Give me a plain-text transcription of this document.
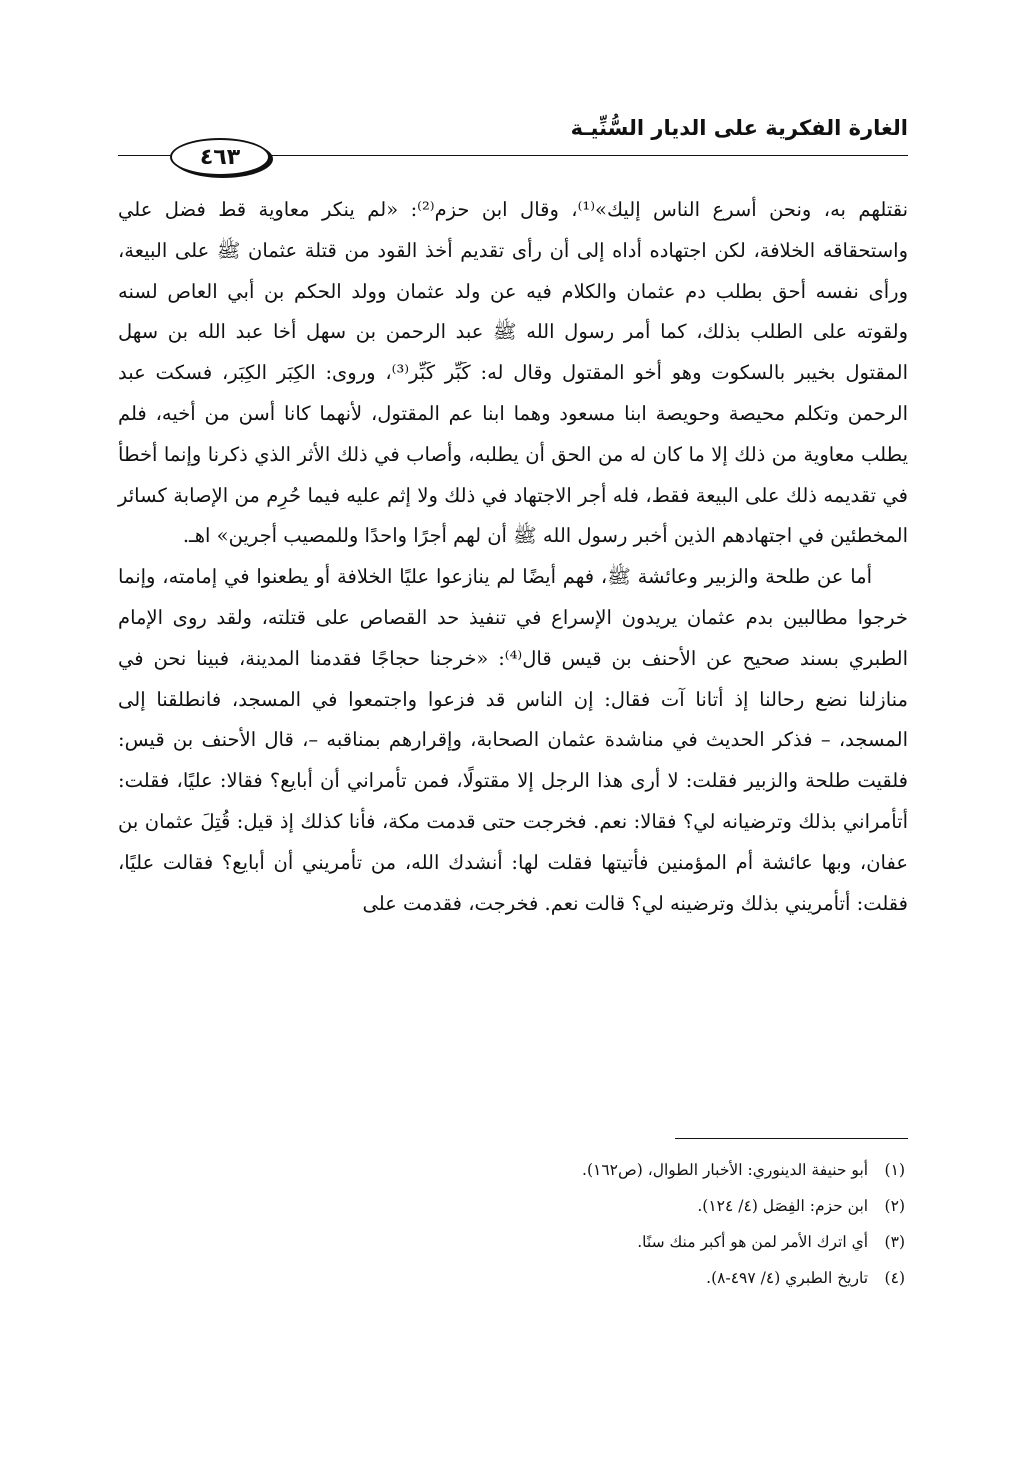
الغارة الفكرية على الديار السُّنِّيـة
٤٦٣

نقتلهم به، ونحن أسرع الناس إليك»⁽¹⁾، وقال ابن حزم⁽²⁾: «لم ينكر معاوية قط فضل علي واستحقاقه الخلافة، لكن اجتهاده أداه إلى أن رأى تقديم أخذ القود من قتلة عثمان ﷺ على البيعة، ورأى نفسه أحق بطلب دم عثمان والكلام فيه عن ولد عثمان وولد الحكم بن أبي العاص لسنه ولقوته على الطلب بذلك، كما أمر رسول الله ﷺ عبد الرحمن بن سهل أخا عبد الله بن سهل المقتول بخيبر بالسكوت وهو أخو المقتول وقال له: كَبِّر كَبِّر⁽³⁾، وروى: الكِبَر الكِبَر، فسكت عبد الرحمن وتكلم محيصة وحويصة ابنا مسعود وهما ابنا عم المقتول، لأنهما كانا أسن من أخيه، فلم يطلب معاوية من ذلك إلا ما كان له من الحق أن يطلبه، وأصاب في ذلك الأثر الذي ذكرنا وإنما أخطأ في تقديمه ذلك على البيعة فقط، فله أجر الاجتهاد في ذلك ولا إثم عليه فيما حُرِم من الإصابة كسائر المخطئين في اجتهادهم الذين أخبر رسول الله ﷺ أن لهم أجرًا واحدًا وللمصيب أجرين» اهـ.

أما عن طلحة والزبير وعائشة ﷺ، فهم أيضًا لم ينازعوا عليًا الخلافة أو يطعنوا في إمامته، وإنما خرجوا مطالبين بدم عثمان يريدون الإسراع في تنفيذ حد القصاص على قتلته، ولقد روى الإمام الطبري بسند صحيح عن الأحنف بن قيس قال⁽⁴⁾: «خرجنا حجاجًا فقدمنا المدينة، فبينا نحن في منازلنا نضع رحالنا إذ أتانا آت فقال: إن الناس قد فزعوا واجتمعوا في المسجد، فانطلقنا إلى المسجد، – فذكر الحديث في مناشدة عثمان الصحابة، وإقرارهم بمناقبه –، قال الأحنف بن قيس: فلقيت طلحة والزبير فقلت: لا أرى هذا الرجل إلا مقتولًا، فمن تأمراني أن أبايع؟ فقالا: عليًا، فقلت: أتأمراني بذلك وترضيانه لي؟ فقالا: نعم. فخرجت حتى قدمت مكة، فأنا كذلك إذ قيل: قُتِلَ عثمان بن عفان، وبها عائشة أم المؤمنين فأتيتها فقلت لها: أنشدك الله، من تأمريني أن أبايع؟ فقالت عليًا، فقلت: أتأمريني بذلك وترضينه لي؟ قالت نعم. فخرجت، فقدمت على

(١) أبو حنيفة الدينوري: الأخبار الطوال، (ص١٦٢).
(٢) ابن حزم: الفِصَل (٤/ ١٢٤).
(٣) أي اترك الأمر لمن هو أكبر منك سنًا.
(٤) تاريخ الطبري (٤/ ٤٩٧-٨).
